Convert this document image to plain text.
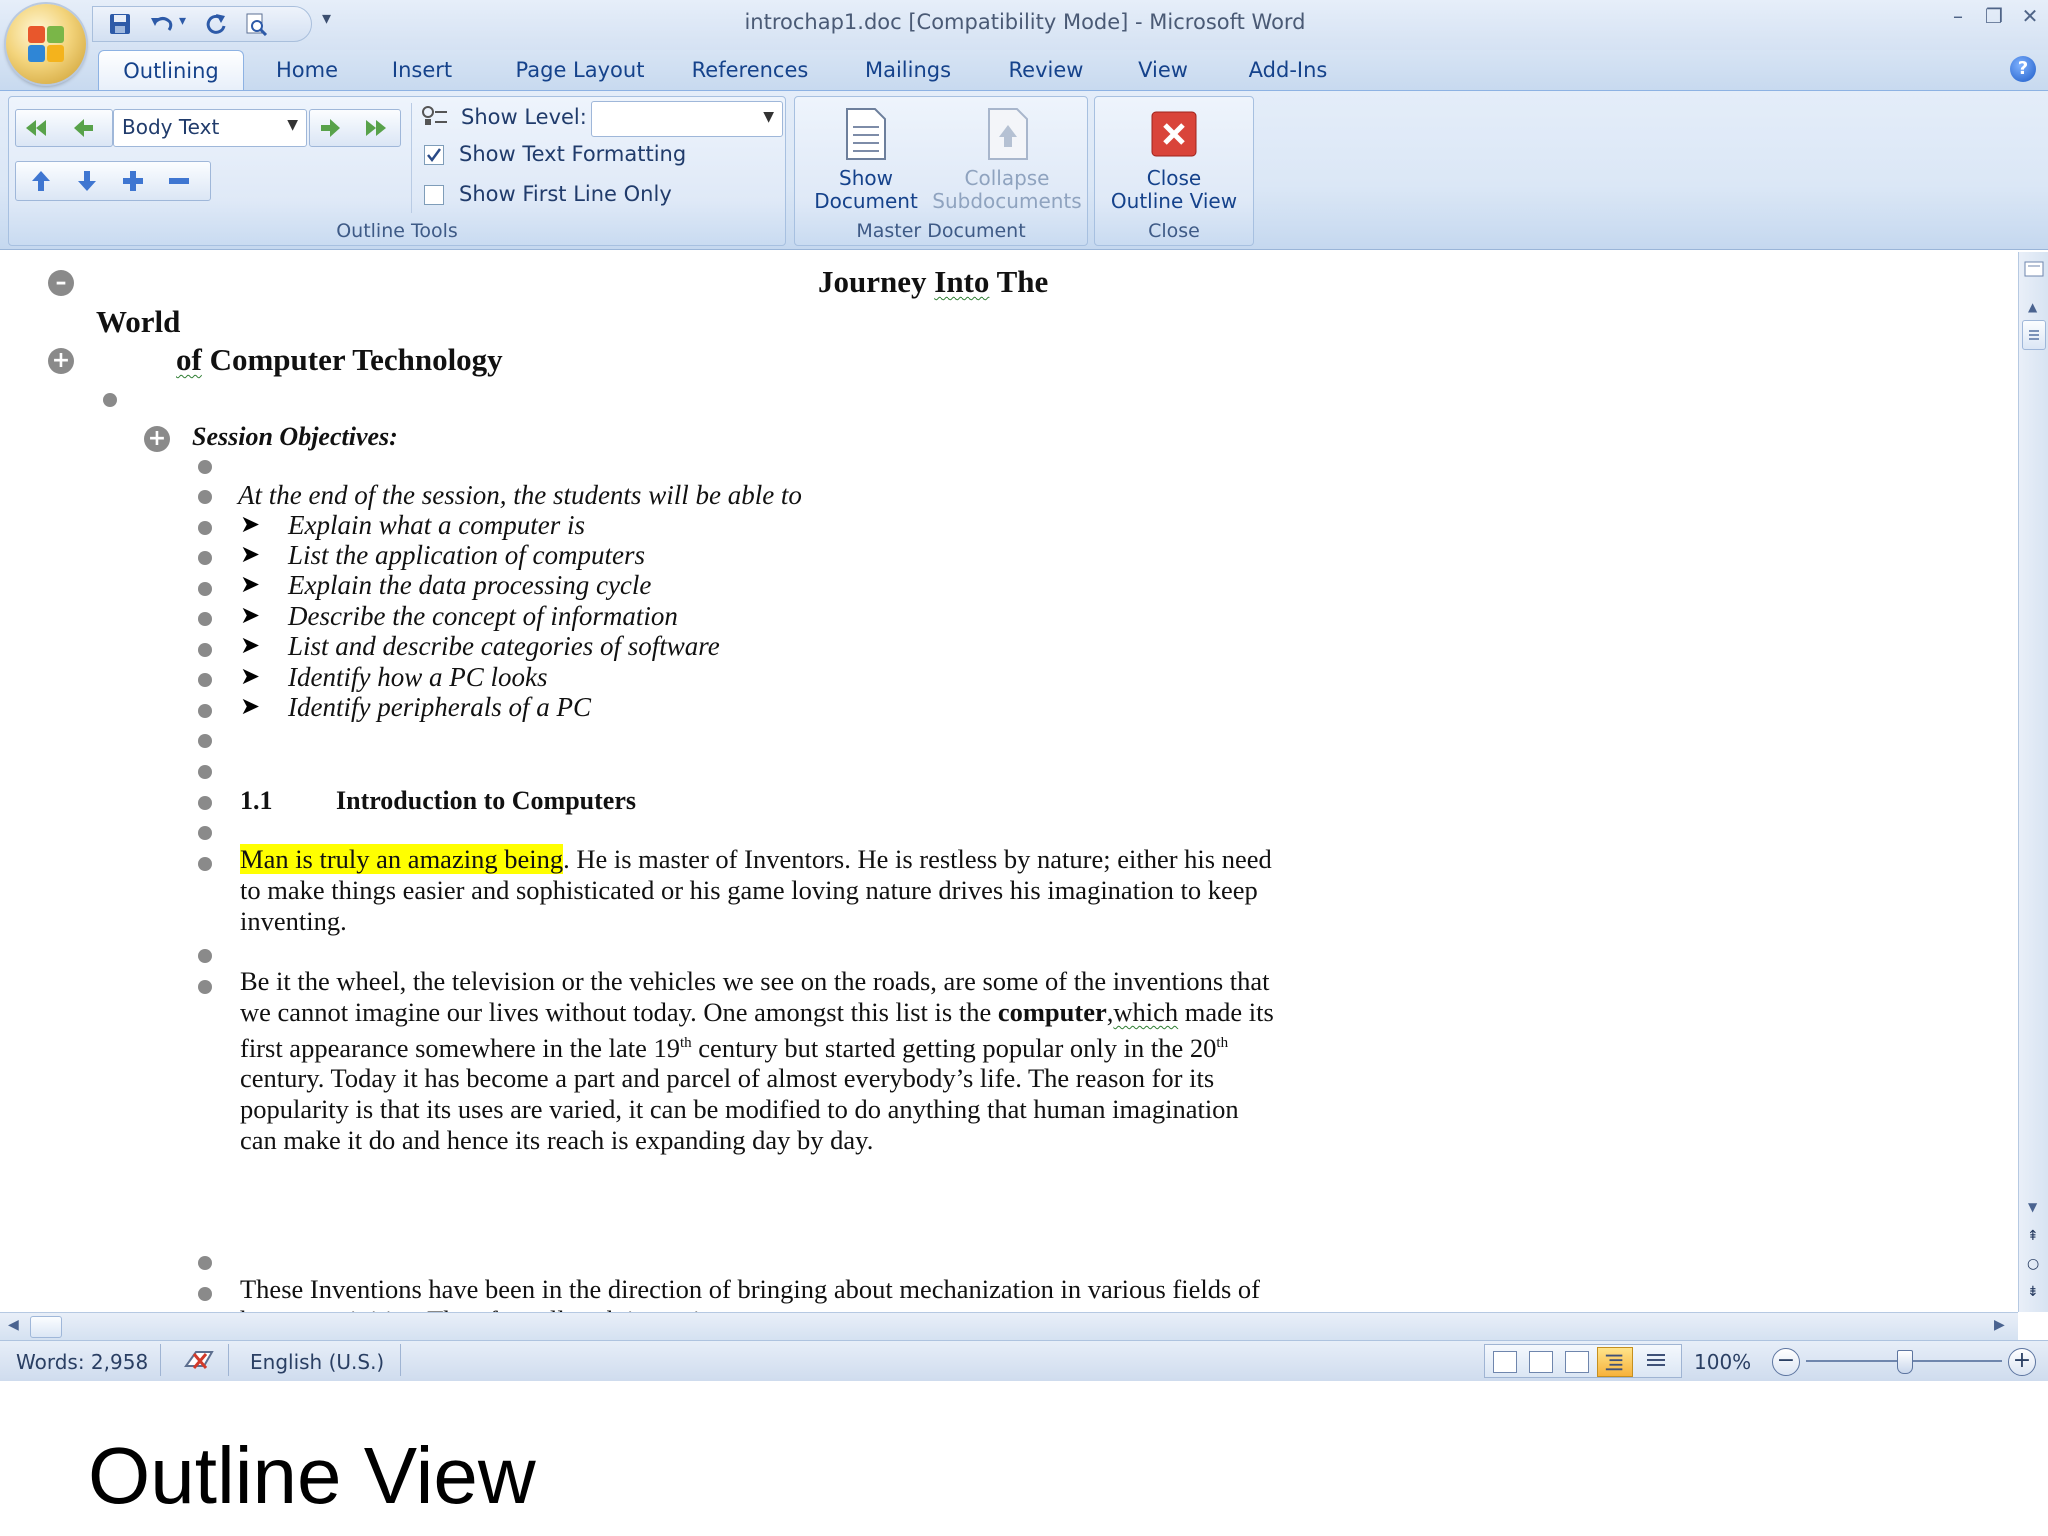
▾	▾	introchap1.doc [Compatibility Mode] - Microsoft Word	–	❐ ✕
Outlining	Home	Insert	Page Layout	References	Mailings	Review	View	Add-Ins	?
Body Text	▼	Show Level:	▼
Show Text Formatting
Show First Line Only
Outline Tools
Show
Document
Collapse
Subdocuments
Master Document
Close
Outline View
Close
–	Journey Into The
World
+	of Computer Technology
+ Session Objectives:
At the end of the session, the students will be able to
➤ Explain what a computer is
➤ List the application of computers
➤ Explain the data processing cycle
➤ Describe the concept of information
➤ List and describe categories of software
➤ Identify how a PC looks
➤ Identify peripherals of a PC
1.1 Introduction to Computers
Man is truly an amazing being. He is master of Inventors. He is restless by nature; either his need to make things easier and sophisticated or his game loving nature drives his imagination to keep inventing.
Be it the wheel, the television or the vehicles we see on the roads, are some of the inventions that we cannot imagine our lives without today. One amongst this list is the computer,which made its first appearance somewhere in the late 19th century but started getting popular only in the 20th century. Today it has become a part and parcel of almost everybody’s life. The reason for its popularity is that its uses are varied, it can be modified to do anything that human imagination can make it do and hence its reach is expanding day by day.
These Inventions have been in the direction of bringing about mechanization in various fields of
▲
▼
⇞
○
⇟
◀	▶
Words: 2,958	English (U.S.)	100% −	+
Outline View
